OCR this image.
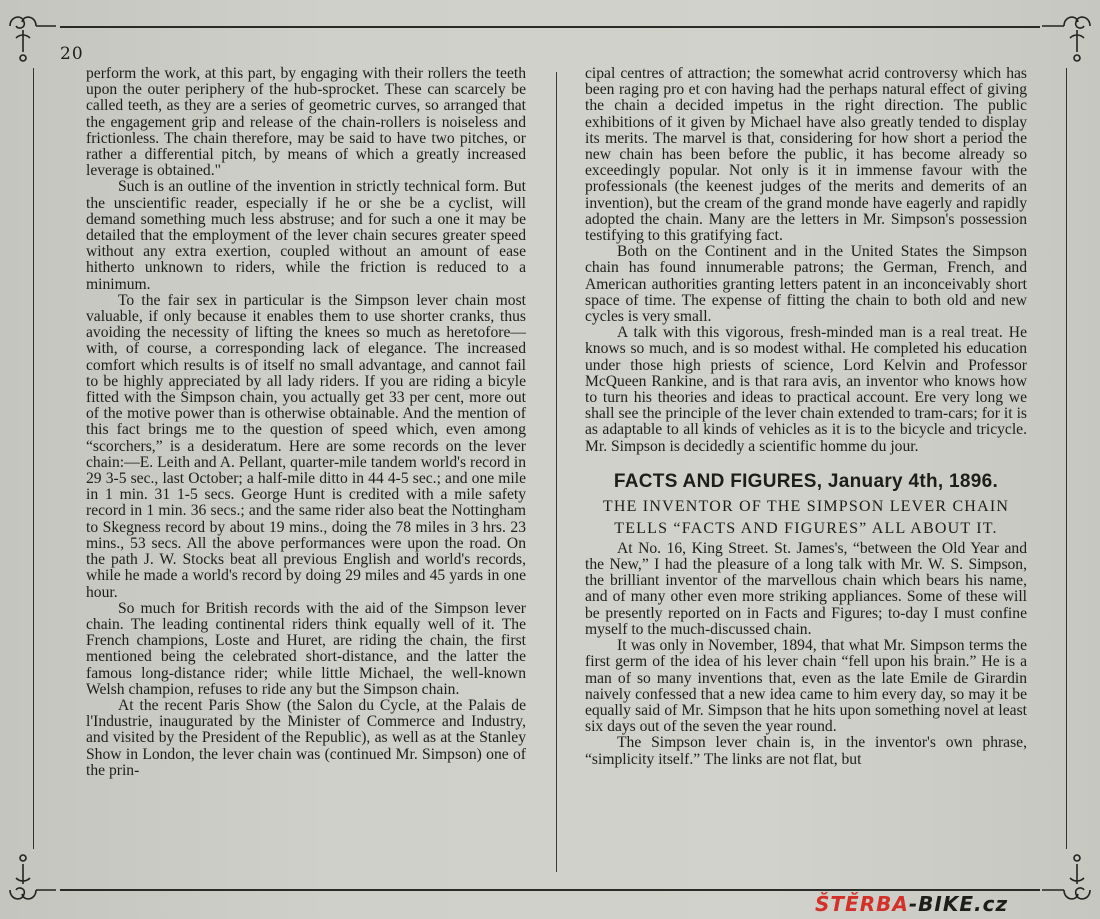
20

perform the work, at this part, by engaging with their rollers the teeth upon the outer periphery of the hub-sprocket. These can scarcely be called teeth, as they are a series of geometric curves, so arranged that the engagement grip and release of the chain-rollers is noiseless and frictionless. The chain therefore, may be said to have two pitches, or rather a differential pitch, by means of which a greatly increased leverage is obtained."

Such is an outline of the invention in strictly technical form. But the unscientific reader, especially if he or she be a cyclist, will demand something much less abstruse; and for such a one it may be detailed that the employment of the lever chain secures greater speed without any extra exertion, coupled without an amount of ease hitherto unknown to riders, while the friction is reduced to a minimum.

To the fair sex in particular is the Simpson lever chain most valuable, if only because it enables them to use shorter cranks, thus avoiding the necessity of lifting the knees so much as heretofore—with, of course, a corresponding lack of elegance. The increased comfort which results is of itself no small advantage, and cannot fail to be highly appreciated by all lady riders. If you are riding a bicyle fitted with the Simpson chain, you actually get 33 per cent, more out of the motive power than is otherwise obtainable. And the mention of this fact brings me to the question of speed which, even among “scorchers,” is a desideratum. Here are some records on the lever chain:—E. Leith and A. Pellant, quarter-mile tandem world's record in 29 3-5 sec., last October; a half-mile ditto in 44 4-5 sec.; and one mile in 1 min. 31 1-5 secs. George Hunt is credited with a mile safety record in 1 min. 36 secs.; and the same rider also beat the Nottingham to Skegness record by about 19 mins., doing the 78 miles in 3 hrs. 23 mins., 53 secs. All the above performances were upon the road. On the path J. W. Stocks beat all previous English and world's records, while he made a world's record by doing 29 miles and 45 yards in one hour.

So much for British records with the aid of the Simpson lever chain. The leading continental riders think equally well of it. The French champions, Loste and Huret, are riding the chain, the first mentioned being the celebrated short-distance, and the latter the famous long-distance rider; while little Michael, the well-known Welsh champion, refuses to ride any but the Simpson chain.

At the recent Paris Show (the Salon du Cycle, at the Palais de l'Industrie, inaugurated by the Minister of Commerce and Industry, and visited by the President of the Republic), as well as at the Stanley Show in London, the lever chain was (continued Mr. Simpson) one of the prin-

cipal centres of attraction; the somewhat acrid controversy which has been raging pro et con having had the perhaps natural effect of giving the chain a decided impetus in the right direction. The public exhibitions of it given by Michael have also greatly tended to display its merits. The marvel is that, considering for how short a period the new chain has been before the public, it has become already so exceedingly popular. Not only is it in immense favour with the professionals (the keenest judges of the merits and demerits of an invention), but the cream of the grand monde have eagerly and rapidly adopted the chain. Many are the letters in Mr. Simpson's possession testifying to this gratifying fact.

Both on the Continent and in the United States the Simpson chain has found innumerable patrons; the German, French, and American authorities granting letters patent in an inconceivably short space of time. The expense of fitting the chain to both old and new cycles is very small.

A talk with this vigorous, fresh-minded man is a real treat. He knows so much, and is so modest withal. He completed his education under those high priests of science, Lord Kelvin and Professor McQueen Rankine, and is that rara avis, an inventor who knows how to turn his theories and ideas to practical account. Ere very long we shall see the principle of the lever chain extended to tram-cars; for it is as adaptable to all kinds of vehicles as it is to the bicycle and tricycle. Mr. Simpson is decidedly a scientific homme du jour.

FACTS AND FIGURES, January 4th, 1896.
THE INVENTOR OF THE SIMPSON LEVER CHAIN
TELLS “FACTS AND FIGURES” ALL ABOUT IT.

At No. 16, King Street. St. James's, “between the Old Year and the New,” I had the pleasure of a long talk with Mr. W. S. Simpson, the brilliant inventor of the marvellous chain which bears his name, and of many other even more striking appliances. Some of these will be presently reported on in Facts and Figures; to-day I must confine myself to the much-discussed chain.

It was only in November, 1894, that what Mr. Simpson terms the first germ of the idea of his lever chain “fell upon his brain.” He is a man of so many inventions that, even as the late Emile de Girardin naively confessed that a new idea came to him every day, so may it be equally said of Mr. Simpson that he hits upon something novel at least six days out of the seven the year round.

The Simpson lever chain is, in the inventor's own phrase, “simplicity itself.” The links are not flat, but

ŠTĚRBA-BIKE.cz
